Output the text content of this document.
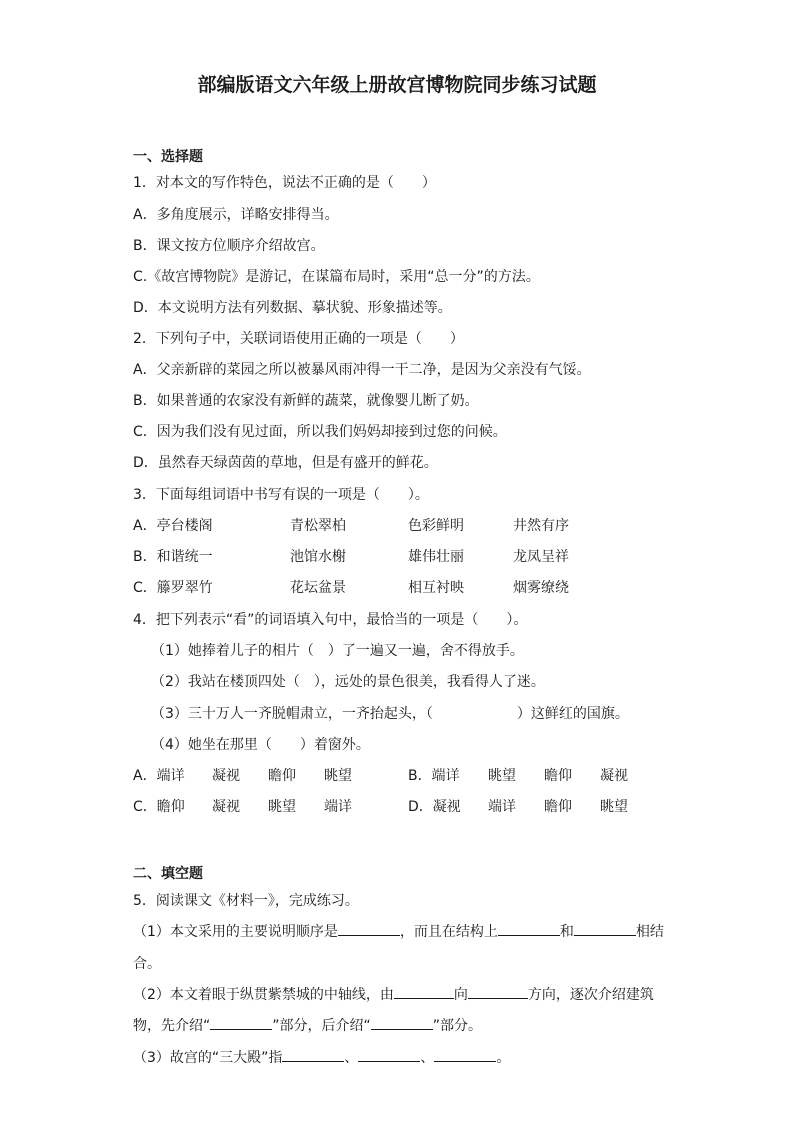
部编版语文六年级上册故宫博物院同步练习试题
一、选择题
1．对本文的写作特色，说法不正确的是（　　）
A．多角度展示，详略安排得当。
B．课文按方位顺序介绍故宫。
C.《故宫博物院》是游记，在谋篇布局时，采用“总一分”的方法。
D．本文说明方法有列数据、摹状貌、形象描述等。
2．下列句子中，关联词语使用正确的一项是（　　）
A．父亲新辟的菜园之所以被暴风雨冲得一干二净，是因为父亲没有气馁。
B．如果普通的农家没有新鲜的蔬菜，就像婴儿断了奶。
C．因为我们没有见过面，所以我们妈妈却接到过您的问候。
D．虽然春天绿茵茵的草地，但是有盛开的鲜花。
3．下面每组词语中书写有误的一项是（　　）。
A．亭台楼阁	青松翠柏	色彩鲜明	井然有序
B．和谐统一	池馆水榭	雄伟壮丽	龙凤呈祥
C．籐罗翠竹	花坛盆景	相互衬映	烟雾缭绕
4．把下列表示“看”的词语填入句中，最恰当的一项是（　　）。
（1）她捧着儿子的相片（　）了一遍又一遍，舍不得放手。
（2）我站在楼顶四处（　），远处的景色很美，我看得人了迷。
（3）三十万人一齐脱帽肃立，一齐抬起头，（　　　　　　）这鲜红的国旗。
（4）她坐在那里（　　）着窗外。
A．端详 凝视 瞻仰 眺望	B．端详 眺望 瞻仰 凝视
C．瞻仰 凝视 眺望 端详	D．凝视 端详 瞻仰 眺望
二、填空题
5．阅读课文《材料一》，完成练习。
（1）本文采用的主要说明顺序是	，而且在结构上	和	相结
合。
（2）本文着眼于纵贯紫禁城的中轴线，由	向	方向，逐次介绍建筑
物，先介绍“	”部分，后介绍“	”部分。
（3）故宫的“三大殿”指	、	、	。
